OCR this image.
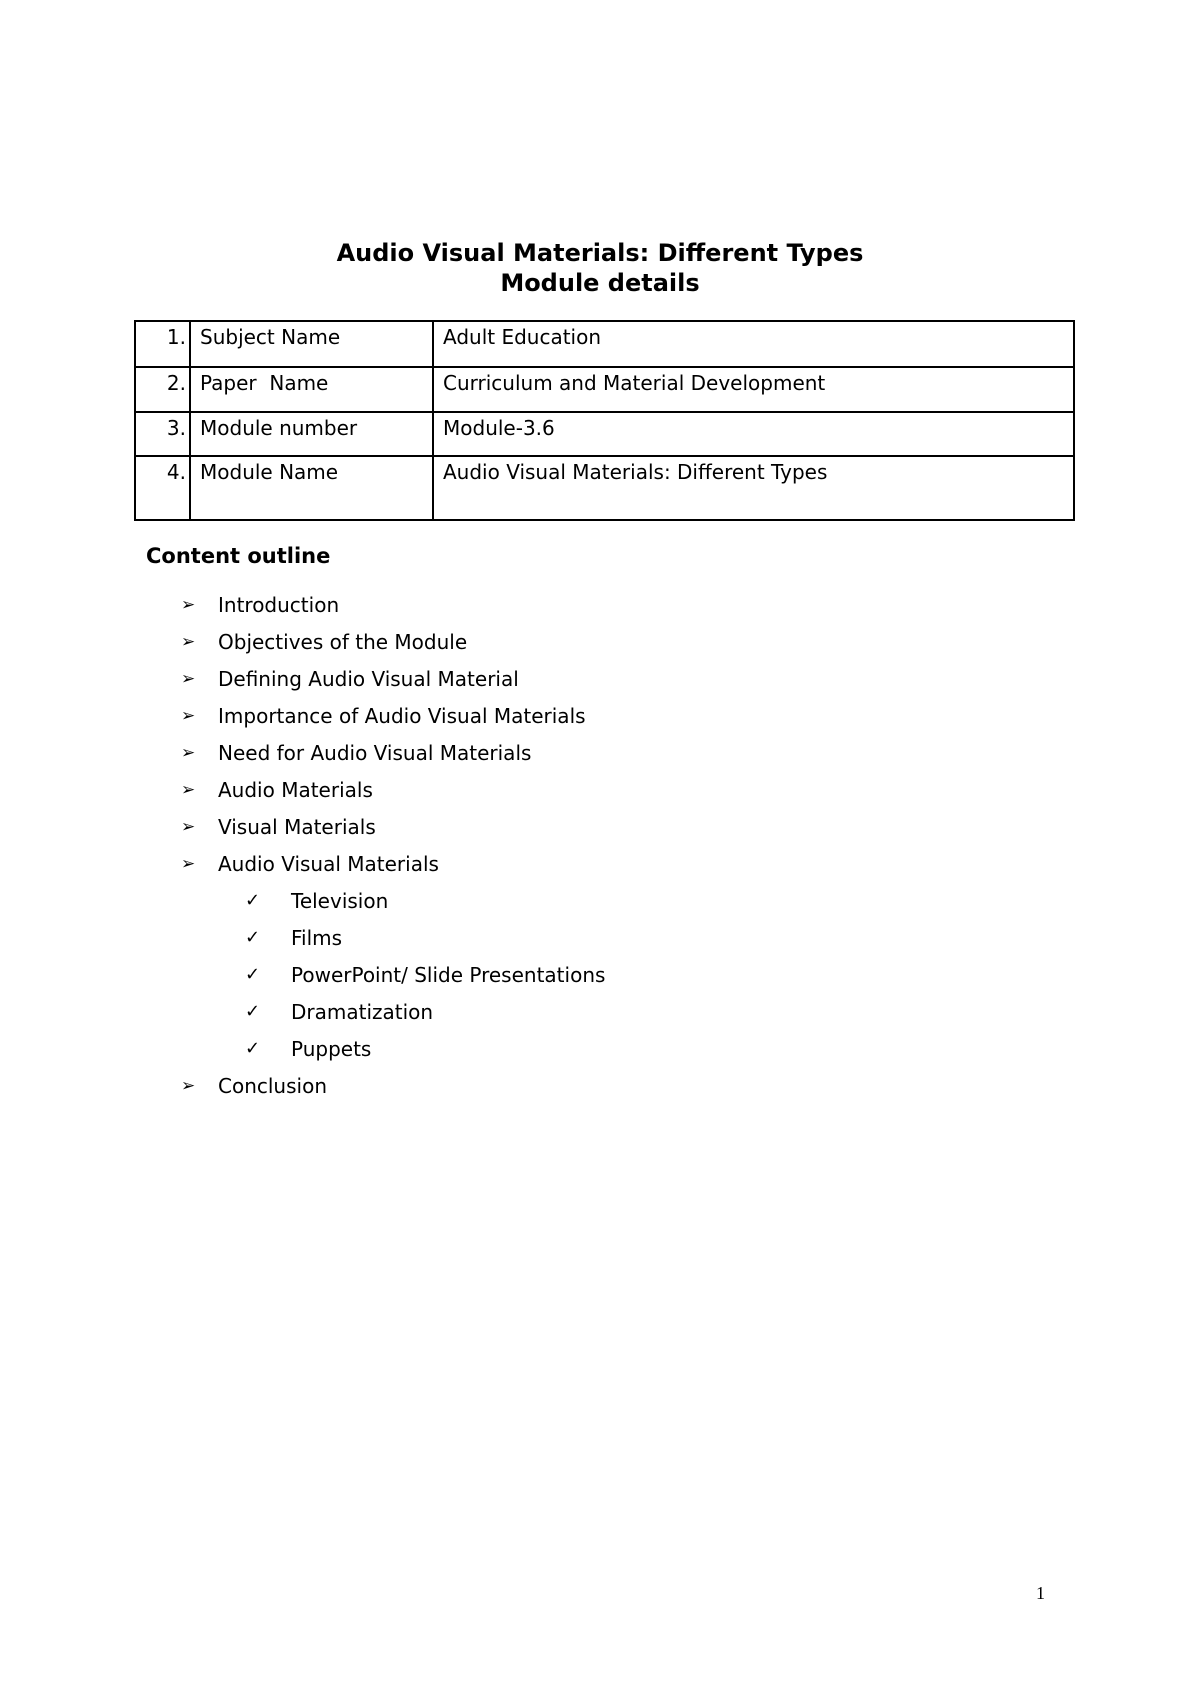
Audio Visual Materials: Different Types
Module details
1.	Subject Name	Adult Education
2.	Paper  Name	Curriculum and Material Development
3.	Module number	Module-3.6
4.	Module Name	Audio Visual Materials: Different Types
Content outline
➢ Introduction
➢ Objectives of the Module
➢ Defining Audio Visual Material
➢ Importance of Audio Visual Materials
➢ Need for Audio Visual Materials
➢ Audio Materials
➢ Visual Materials
➢ Audio Visual Materials
✓ Television
✓ Films
✓ PowerPoint/ Slide Presentations
✓ Dramatization
✓ Puppets
➢ Conclusion
1
